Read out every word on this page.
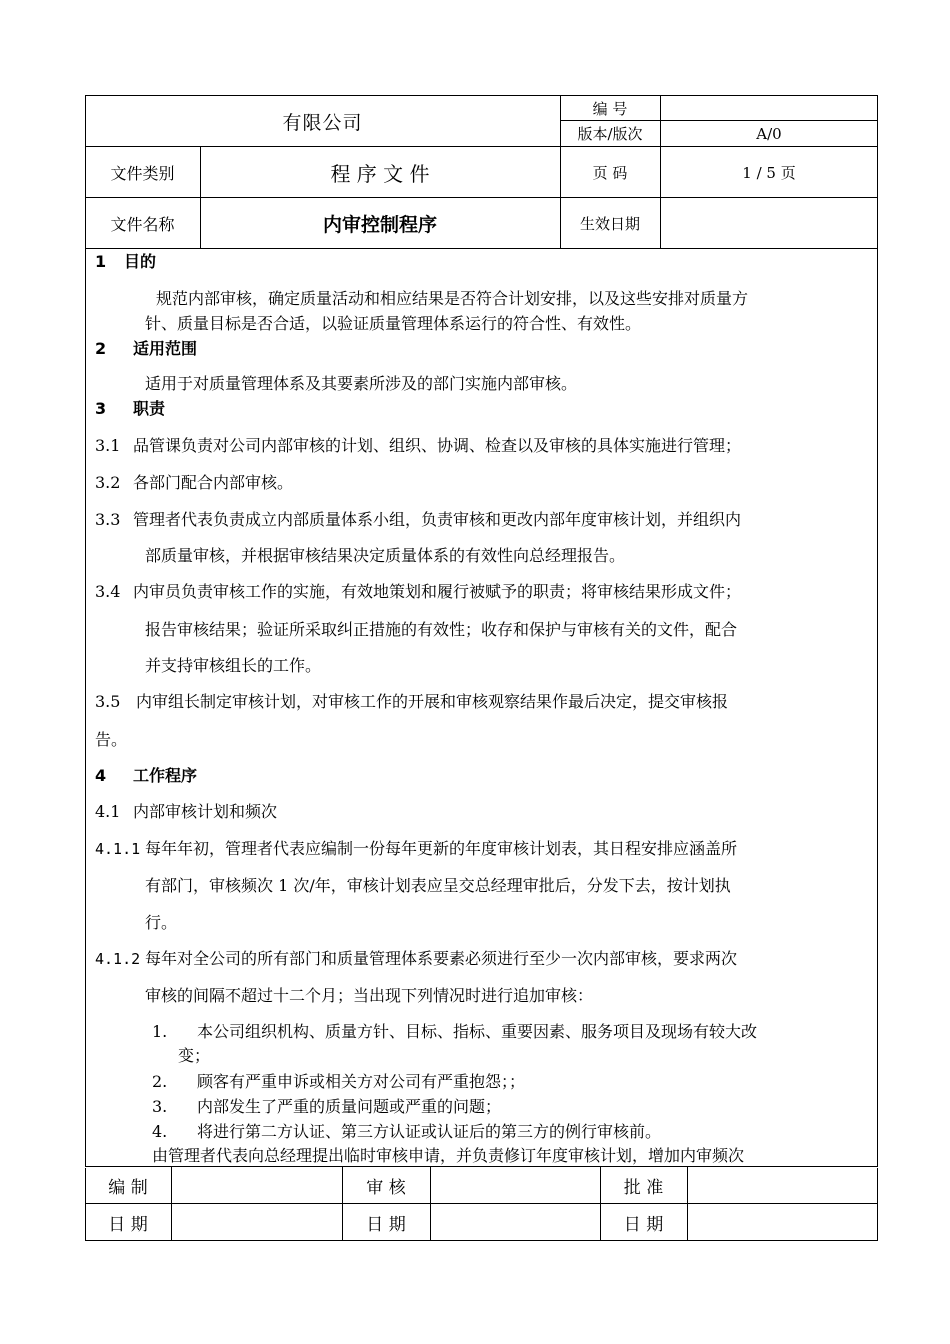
有限公司
编 号
版本/版次	A/0
文件类别	程 序 文 件	页 码	1 / 5 页
文件名称	内审控制程序	生效日期
1 目的
规范内部审核，确定质量活动和相应结果是否符合计划安排，以及这些安排对质量方
针、质量目标是否合适，以验证质量管理体系运行的符合性、有效性。
2 适用范围
适用于对质量管理体系及其要素所涉及的部门实施内部审核。
3 职责
3.1 品管课负责对公司内部审核的计划、组织、协调、检查以及审核的具体实施进行管理；
3.2 各部门配合内部审核。
3.3 管理者代表负责成立内部质量体系小组，负责审核和更改内部年度审核计划，并组织内
部质量审核，并根据审核结果决定质量体系的有效性向总经理报告。
3.4 内审员负责审核工作的实施，有效地策划和履行被赋予的职责；将审核结果形成文件；
报告审核结果；验证所采取纠正措施的有效性；收存和保护与审核有关的文件，配合
并支持审核组长的工作。
3.5 内审组长制定审核计划，对审核工作的开展和审核观察结果作最后决定，提交审核报
告。
4 工作程序
4.1 内部审核计划和频次
4.1.1 每年年初，管理者代表应编制一份每年更新的年度审核计划表，其日程安排应涵盖所
有部门，审核频次 1 次/年，审核计划表应呈交总经理审批后，分发下去，按计划执
行。
4.1.2 每年对全公司的所有部门和质量管理体系要素必须进行至少一次内部审核，要求两次
审核的间隔不超过十二个月；当出现下列情况时进行追加审核：
1. 本公司组织机构、质量方针、目标、指标、重要因素、服务项目及现场有较大改
变；
2. 顾客有严重申诉或相关方对公司有严重抱怨；；
3. 内部发生了严重的质量问题或严重的问题；
4. 将进行第二方认证、第三方认证或认证后的第三方的例行审核前。
由管理者代表向总经理提出临时审核申请，并负责修订年度审核计划，增加内审频次
编 制	审 核	批 准
日 期	日 期	日 期
